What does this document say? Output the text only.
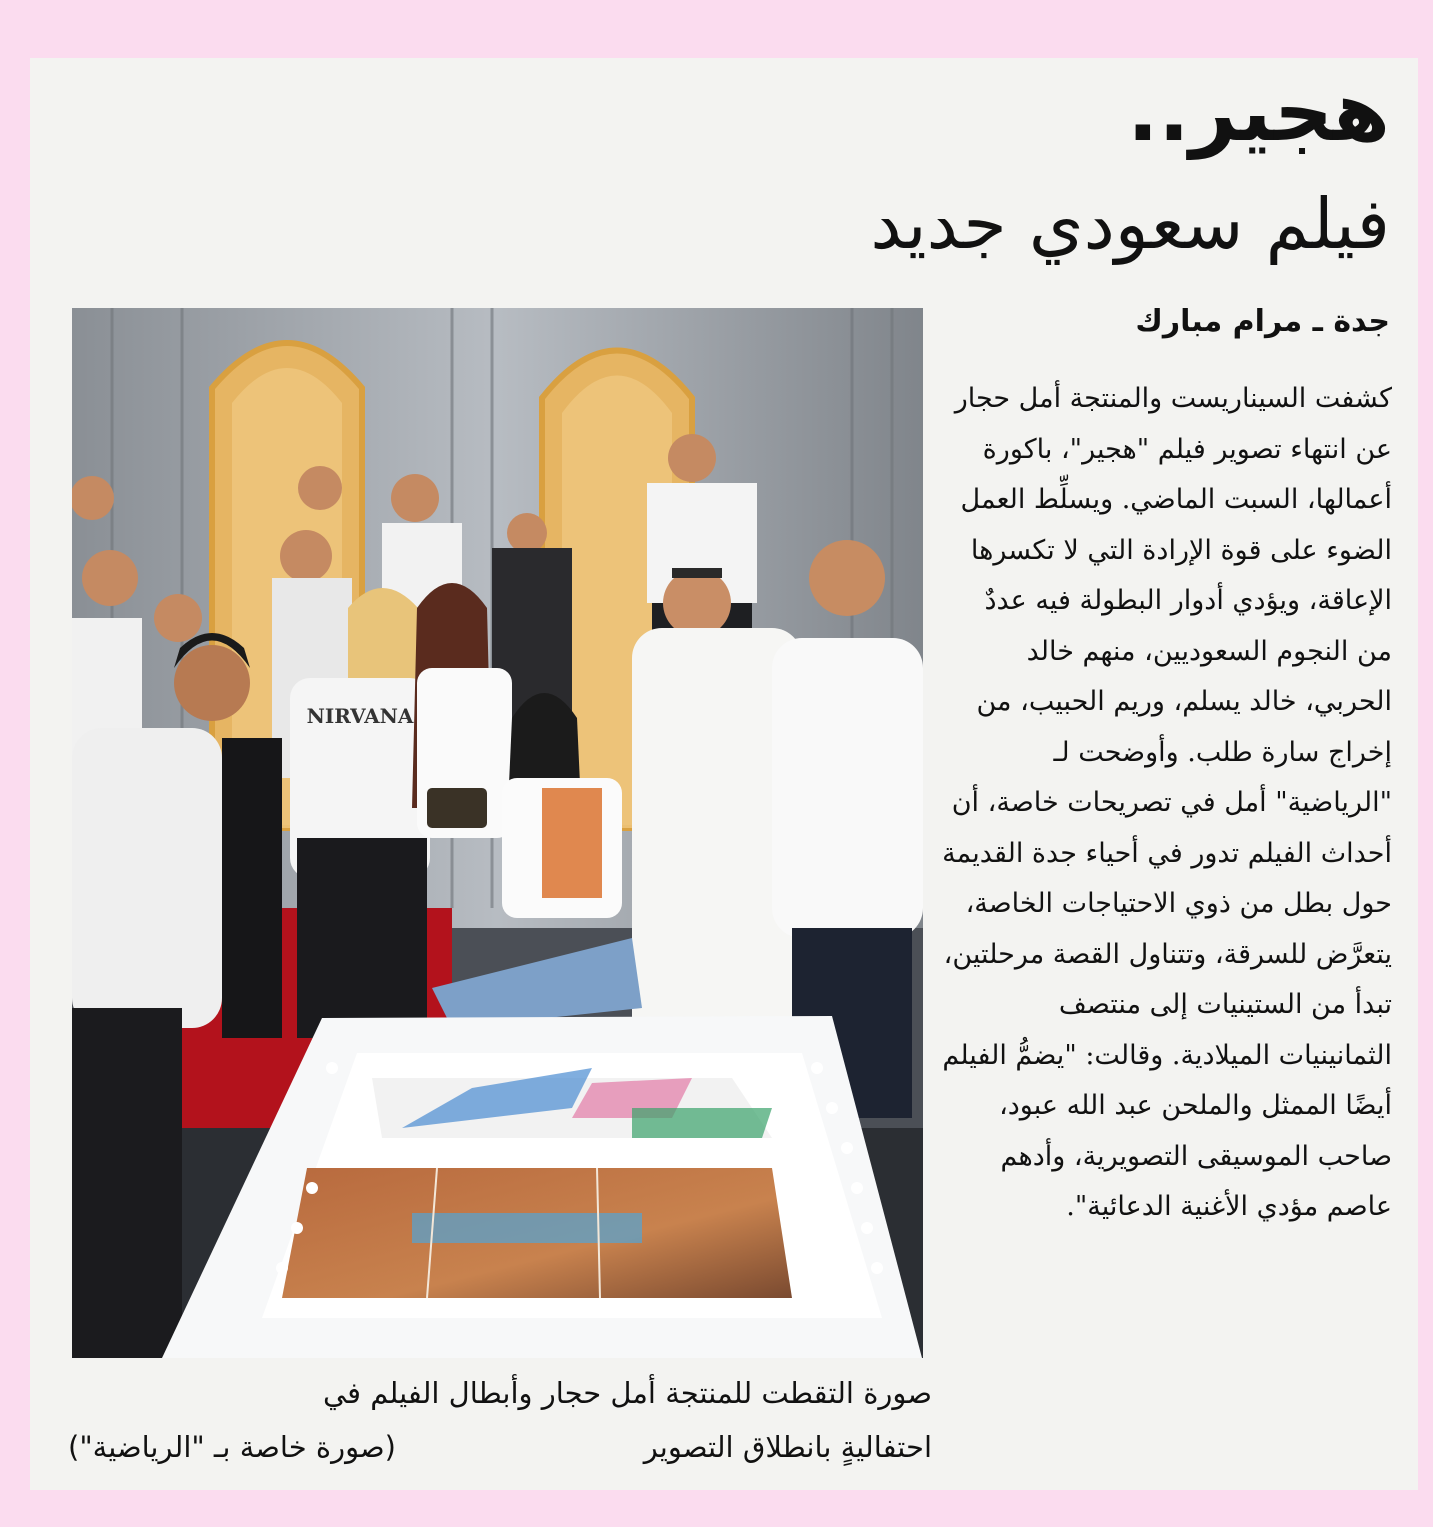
هجير..
فيلم سعودي جديد
جدة ـ مرام مبارك

كشفت السيناريست والمنتجة أمل حجار عن انتهاء تصوير فيلم "هجير"، باكورة أعمالها، السبت الماضي. ويسلِّط العمل الضوء على قوة الإرادة التي لا تكسرها الإعاقة، ويؤدي أدوار البطولة فيه عددٌ من النجوم السعوديين، منهم خالد الحربي، خالد يسلم، وريم الحبيب، من إخراج سارة طلب. وأوضحت لـ "الرياضية" أمل في تصريحات خاصة، أن أحداث الفيلم تدور في أحياء جدة القديمة حول بطل من ذوي الاحتياجات الخاصة، يتعرَّض للسرقة، وتتناول القصة مرحلتين، تبدأ من الستينيات إلى منتصف الثمانينيات الميلادية. وقالت: "يضمُّ الفيلم أيضًا الممثل والملحن عبد الله عبود، صاحب الموسيقى التصويرية، وأدهم عاصم مؤدي الأغنية الدعائية".

NIRVANA
صورة التقطت للمنتجة أمل حجار وأبطال الفيلم في
احتفاليةٍ بانطلاق التصوير
(صورة خاصة بـ "الرياضية")
